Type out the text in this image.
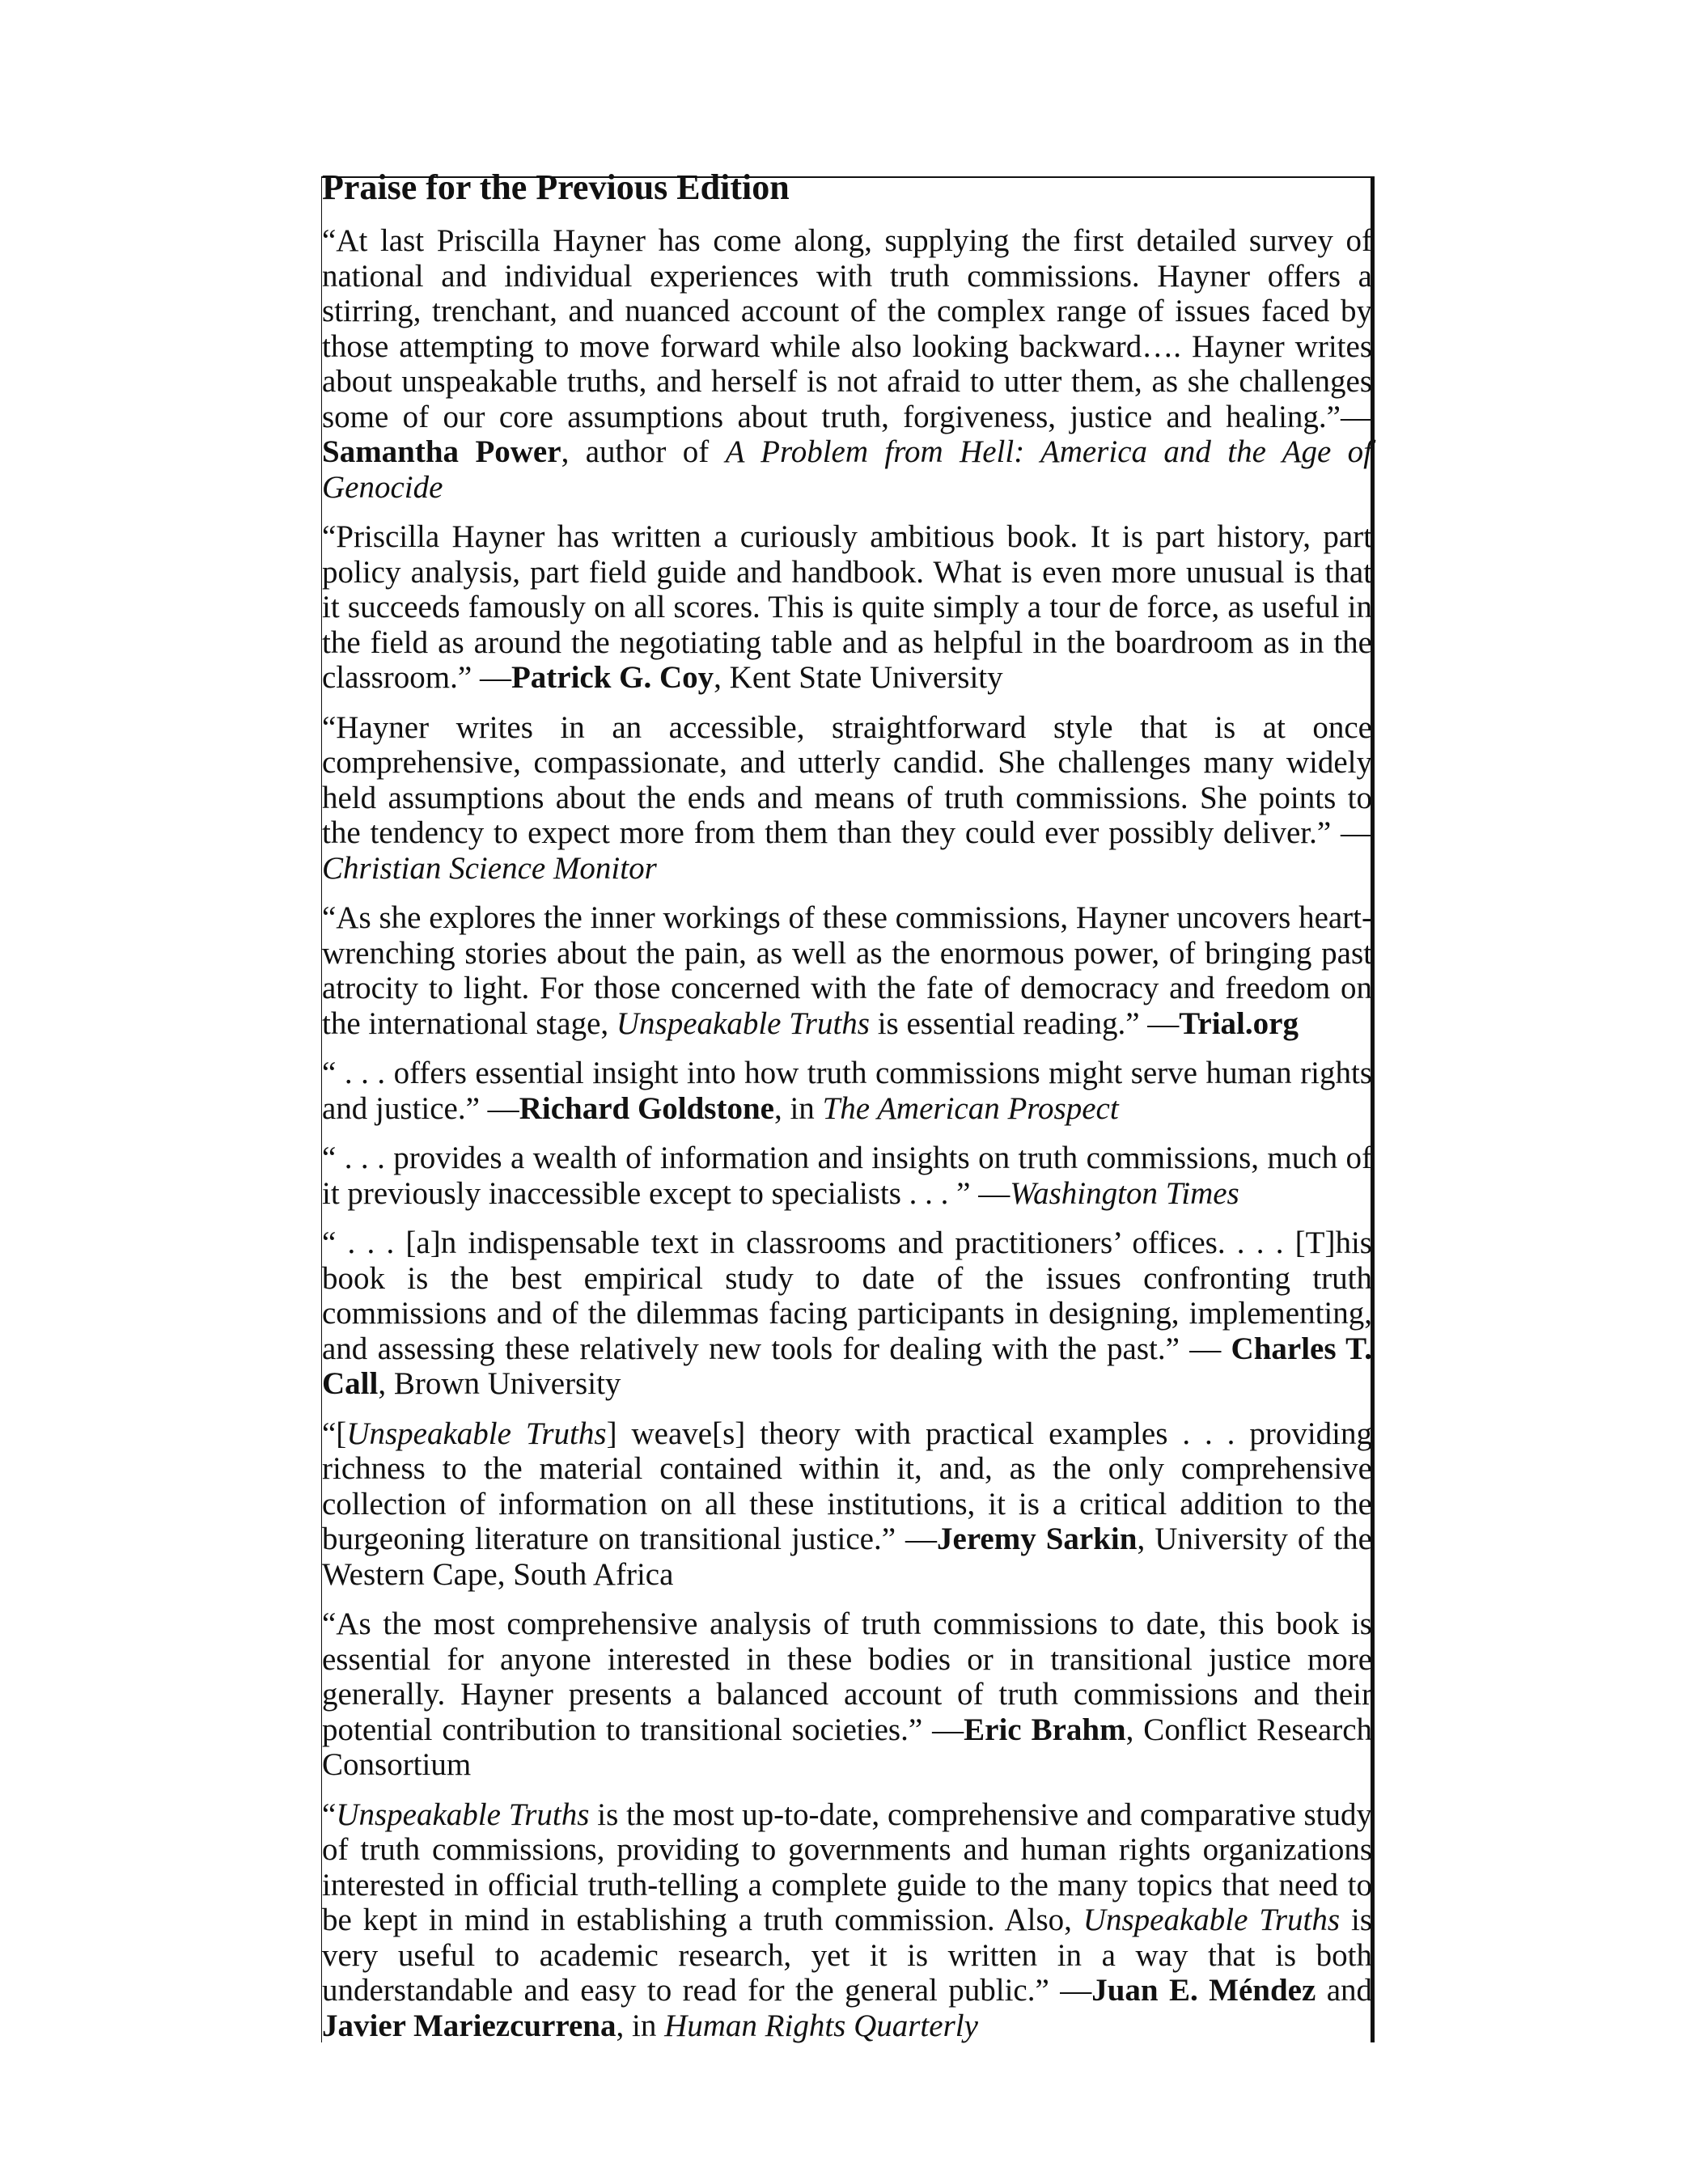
Praise for the Previous Edition

“At last Priscilla Hayner has come along, supplying the first detailed survey of national and individual experiences with truth commissions. Hayner offers a stirring, trenchant, and nuanced account of the complex range of issues faced by those attempting to move forward while also looking backward…. Hayner writes about unspeakable truths, and herself is not afraid to utter them, as she challenges some of our core assumptions about truth, forgiveness, justice and healing.”—Samantha Power, author of A Problem from Hell: America and the Age of Genocide

“Priscilla Hayner has written a curiously ambitious book. It is part history, part policy analysis, part field guide and handbook. What is even more unusual is that it succeeds famously on all scores. This is quite simply a tour de force, as useful in the field as around the negotiating table and as helpful in the boardroom as in the classroom.” —Patrick G. Coy, Kent State University

“Hayner writes in an accessible, straightforward style that is at once comprehensive, compassionate, and utterly candid. She challenges many widely held assumptions about the ends and means of truth commissions. She points to the tendency to expect more from them than they could ever possibly deliver.” —Christian Science Monitor

“As she explores the inner workings of these commissions, Hayner uncovers heart-wrenching stories about the pain, as well as the enormous power, of bringing past atrocity to light. For those concerned with the fate of democracy and freedom on the international stage, Unspeakable Truths is essential reading.” —Trial.org

“ . . . offers essential insight into how truth commissions might serve human rights and justice.” —Richard Goldstone, in The American Prospect

“ . . . provides a wealth of information and insights on truth commissions, much of it previously inaccessible except to specialists . . . ” —Washington Times

“ . . . [a]n indispensable text in classrooms and practitioners’ offices. . . . [T]his book is the best empirical study to date of the issues confronting truth commissions and of the dilemmas facing participants in designing, implementing, and assessing these relatively new tools for dealing with the past.” — Charles T. Call, Brown University

“[Unspeakable Truths] weave[s] theory with practical examples . . . providing richness to the material contained within it, and, as the only comprehensive collection of information on all these institutions, it is a critical addition to the burgeoning literature on transitional justice.” —Jeremy Sarkin, University of the Western Cape, South Africa

“As the most comprehensive analysis of truth commissions to date, this book is essential for anyone interested in these bodies or in transitional justice more generally. Hayner presents a balanced account of truth commissions and their potential contribution to transitional societies.” —Eric Brahm, Conflict Research Consortium

“Unspeakable Truths is the most up-to-date, comprehensive and comparative study of truth commissions, providing to governments and human rights organizations interested in official truth-telling a complete guide to the many topics that need to be kept in mind in establishing a truth commission. Also, Unspeakable Truths is very useful to academic research, yet it is written in a way that is both understandable and easy to read for the general public.” —Juan E. Méndez and Javier Mariezcurrena, in Human Rights Quarterly
